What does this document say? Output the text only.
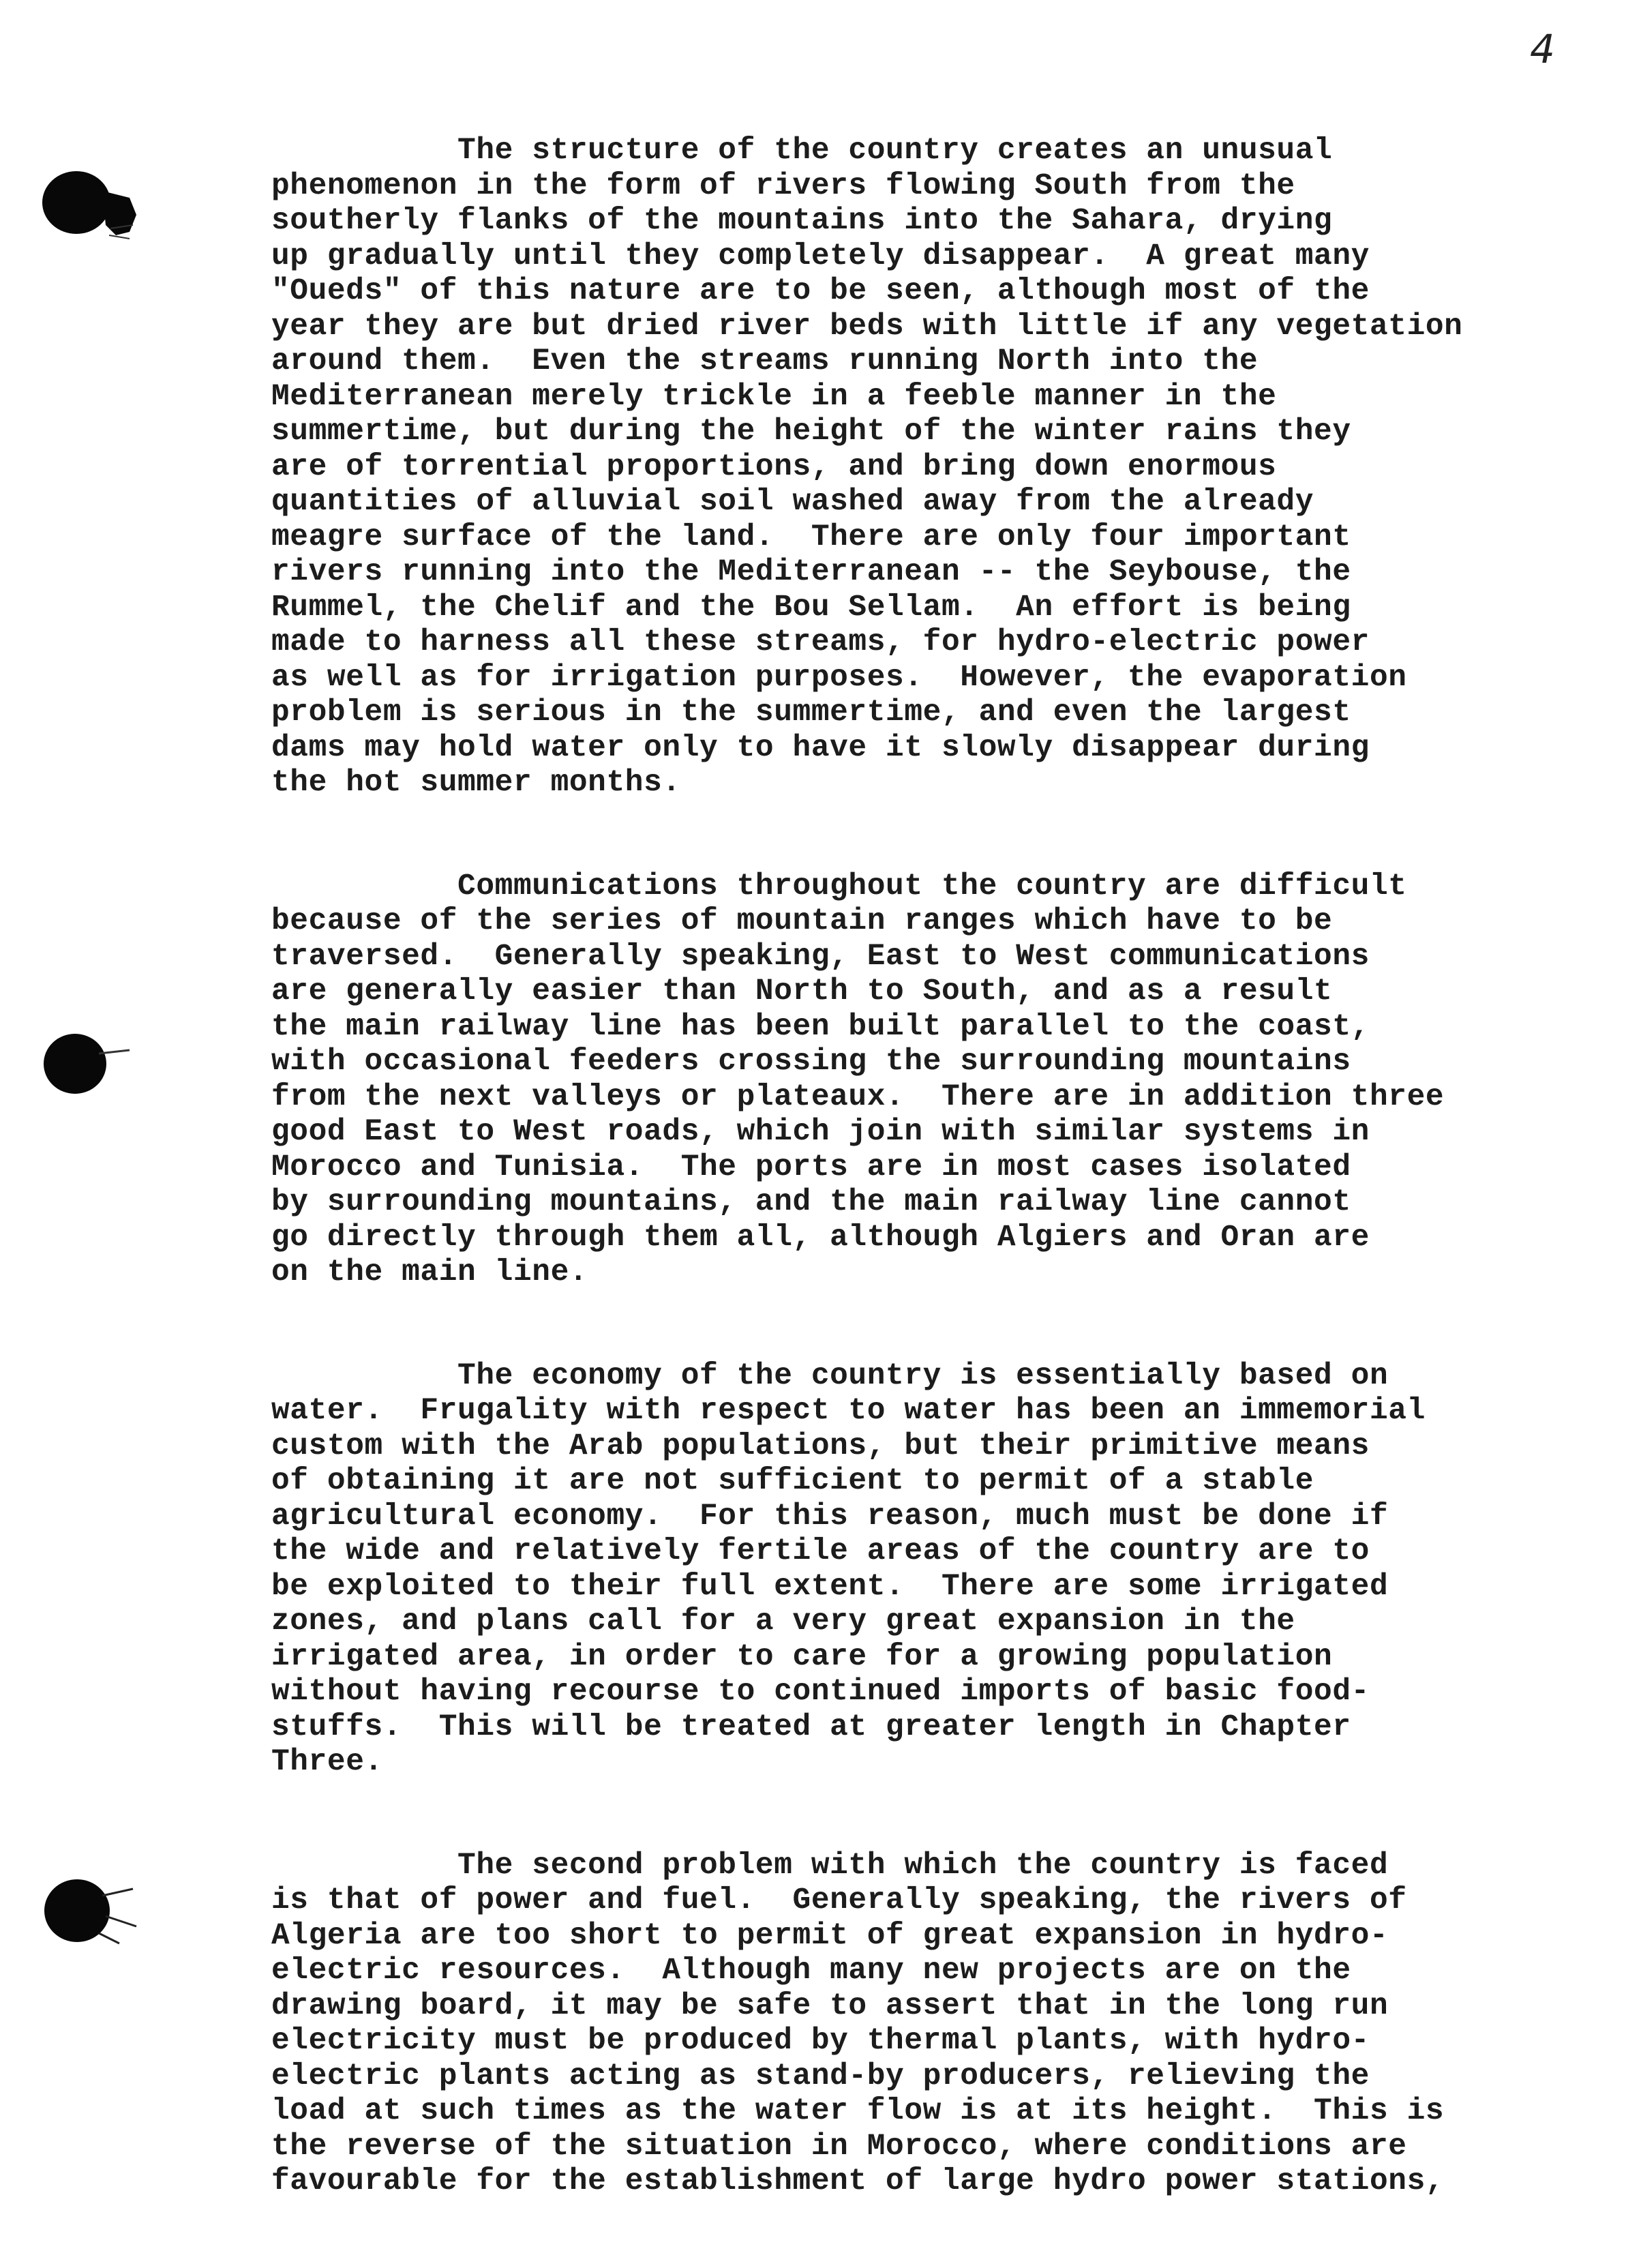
4
The structure of the country creates an unusual
phenomenon in the form of rivers flowing South from the
southerly flanks of the mountains into the Sahara, drying
up gradually until they completely disappear.  A great many
"Oueds" of this nature are to be seen, although most of the
year they are but dried river beds with little if any vegetation
around them.  Even the streams running North into the
Mediterranean merely trickle in a feeble manner in the
summertime, but during the height of the winter rains they
are of torrential proportions, and bring down enormous
quantities of alluvial soil washed away from the already
meagre surface of the land.  There are only four important
rivers running into the Mediterranean -- the Seybouse, the
Rummel, the Chelif and the Bou Sellam.  An effort is being
made to harness all these streams, for hydro-electric power
as well as for irrigation purposes.  However, the evaporation
problem is serious in the summertime, and even the largest
dams may hold water only to have it slowly disappear during
the hot summer months.
Communications throughout the country are difficult
because of the series of mountain ranges which have to be
traversed.  Generally speaking, East to West communications
are generally easier than North to South, and as a result
the main railway line has been built parallel to the coast,
with occasional feeders crossing the surrounding mountains
from the next valleys or plateaux.  There are in addition three
good East to West roads, which join with similar systems in
Morocco and Tunisia.  The ports are in most cases isolated
by surrounding mountains, and the main railway line cannot
go directly through them all, although Algiers and Oran are
on the main line.
The economy of the country is essentially based on
water.  Frugality with respect to water has been an immemorial
custom with the Arab populations, but their primitive means
of obtaining it are not sufficient to permit of a stable
agricultural economy.  For this reason, much must be done if
the wide and relatively fertile areas of the country are to
be exploited to their full extent.  There are some irrigated
zones, and plans call for a very great expansion in the
irrigated area, in order to care for a growing population
without having recourse to continued imports of basic food-
stuffs.  This will be treated at greater length in Chapter
Three.
The second problem with which the country is faced
is that of power and fuel.  Generally speaking, the rivers of
Algeria are too short to permit of great expansion in hydro-
electric resources.  Although many new projects are on the
drawing board, it may be safe to assert that in the long run
electricity must be produced by thermal plants, with hydro-
electric plants acting as stand-by producers, relieving the
load at such times as the water flow is at its height.  This is
the reverse of the situation in Morocco, where conditions are
favourable for the establishment of large hydro power stations,
